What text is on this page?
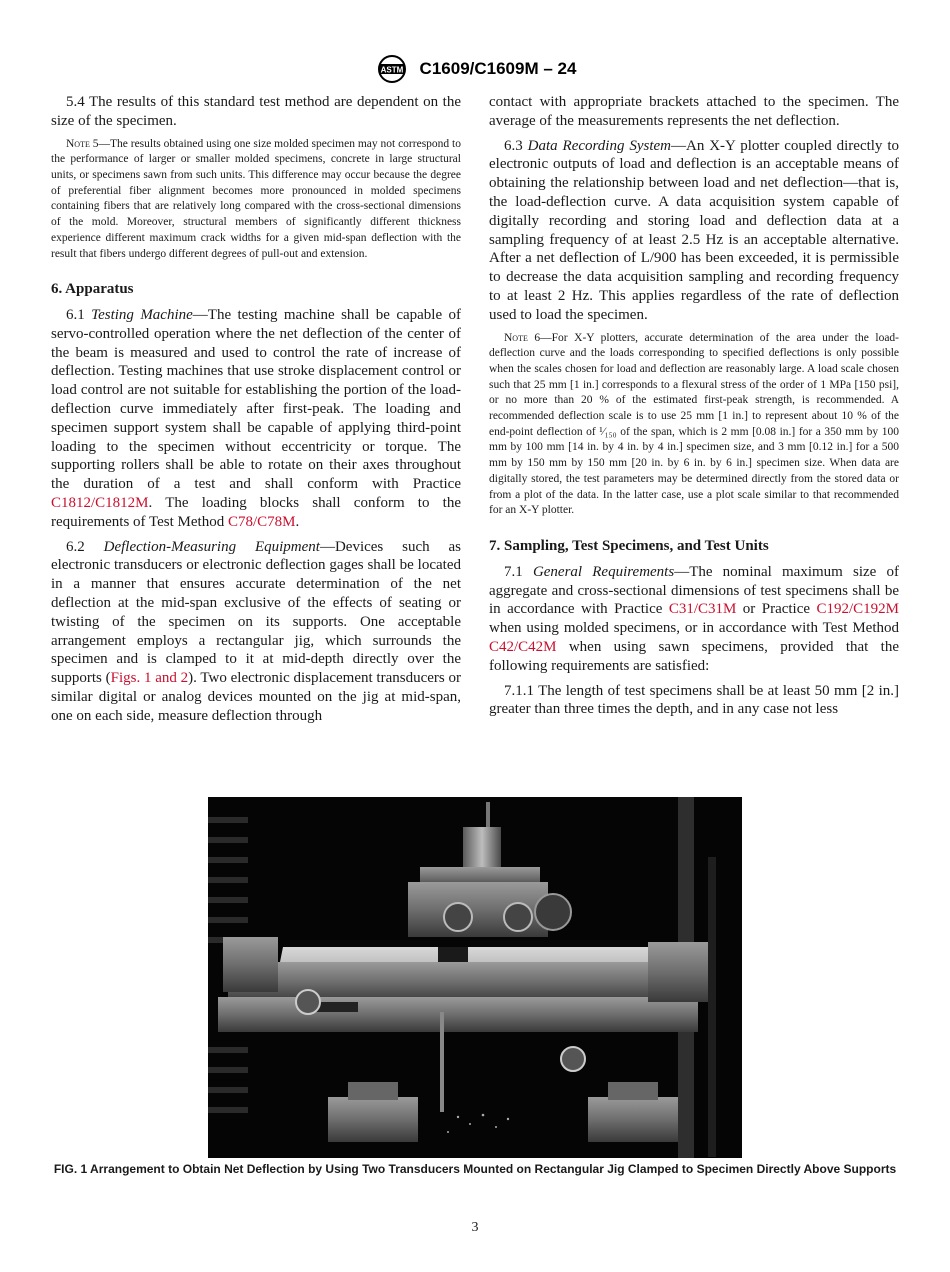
ASTM C1609/C1609M – 24

5.4 The results of this standard test method are dependent on the size of the specimen.

Note 5—The results obtained using one size molded specimen may not correspond to the performance of larger or smaller molded specimens, concrete in large structural units, or specimens sawn from such units. This difference may occur because the degree of preferential fiber alignment becomes more pronounced in molded specimens containing fibers that are relatively long compared with the cross-sectional dimensions of the mold. Moreover, structural members of significantly different thickness experience different maximum crack widths for a given mid-span deflection with the result that fibers undergo different degrees of pull-out and extension.
6. Apparatus

6.1 Testing Machine—The testing machine shall be capable of servo-controlled operation where the net deflection of the center of the beam is measured and used to control the rate of increase of deflection. Testing machines that use stroke displacement control or load control are not suitable for establishing the portion of the load-deflection curve immediately after first-peak. The loading and specimen support system shall be capable of applying third-point loading to the specimen without eccentricity or torque. The supporting rollers shall be able to rotate on their axes throughout the duration of a test and shall conform with Practice C1812/C1812M. The loading blocks shall conform to the requirements of Test Method C78/C78M.

6.2 Deflection-Measuring Equipment—Devices such as electronic transducers or electronic deflection gages shall be located in a manner that ensures accurate determination of the net deflection at the mid-span exclusive of the effects of seating or twisting of the specimen on its supports. One acceptable arrangement employs a rectangular jig, which surrounds the specimen and is clamped to it at mid-depth directly over the supports (Figs. 1 and 2). Two electronic displacement transducers or similar digital or analog devices mounted on the jig at mid-span, one on each side, measure deflection through

contact with appropriate brackets attached to the specimen. The average of the measurements represents the net deflection.

6.3 Data Recording System—An X-Y plotter coupled directly to electronic outputs of load and deflection is an acceptable means of obtaining the relationship between load and net deflection—that is, the load-deflection curve. A data acquisition system capable of digitally recording and storing load and deflection data at a sampling frequency of at least 2.5 Hz is an acceptable alternative. After a net deflection of L/900 has been exceeded, it is permissible to decrease the data acquisition sampling and recording frequency to at least 2 Hz. This applies regardless of the rate of deflection used to load the specimen.

Note 6—For X-Y plotters, accurate determination of the area under the load-deflection curve and the loads corresponding to specified deflections is only possible when the scales chosen for load and deflection are reasonably large. A load scale chosen such that 25 mm [1 in.] corresponds to a flexural stress of the order of 1 MPa [150 psi], or no more than 20 % of the estimated first-peak strength, is recommended. A recommended deflection scale is to use 25 mm [1 in.] to represent about 10 % of the end-point deflection of ¹⁄₁₅₀ of the span, which is 2 mm [0.08 in.] for a 350 mm by 100 mm by 100 mm [14 in. by 4 in. by 4 in.] specimen size, and 3 mm [0.12 in.] for a 500 mm by 150 mm by 150 mm [20 in. by 6 in. by 6 in.] specimen size. When data are digitally stored, the test parameters may be determined directly from the stored data or from a plot of the data. In the latter case, use a plot scale similar to that recommended for an X-Y plotter.
7. Sampling, Test Specimens, and Test Units

7.1 General Requirements—The nominal maximum size of aggregate and cross-sectional dimensions of test specimens shall be in accordance with Practice C31/C31M or Practice C192/C192M when using molded specimens, or in accordance with Test Method C42/C42M when using sawn specimens, provided that the following requirements are satisfied:

7.1.1 The length of test specimens shall be at least 50 mm [2 in.] greater than three times the depth, and in any case not less

FIG. 1 Arrangement to Obtain Net Deflection by Using Two Transducers Mounted on Rectangular Jig Clamped to Specimen Directly Above Supports
3
